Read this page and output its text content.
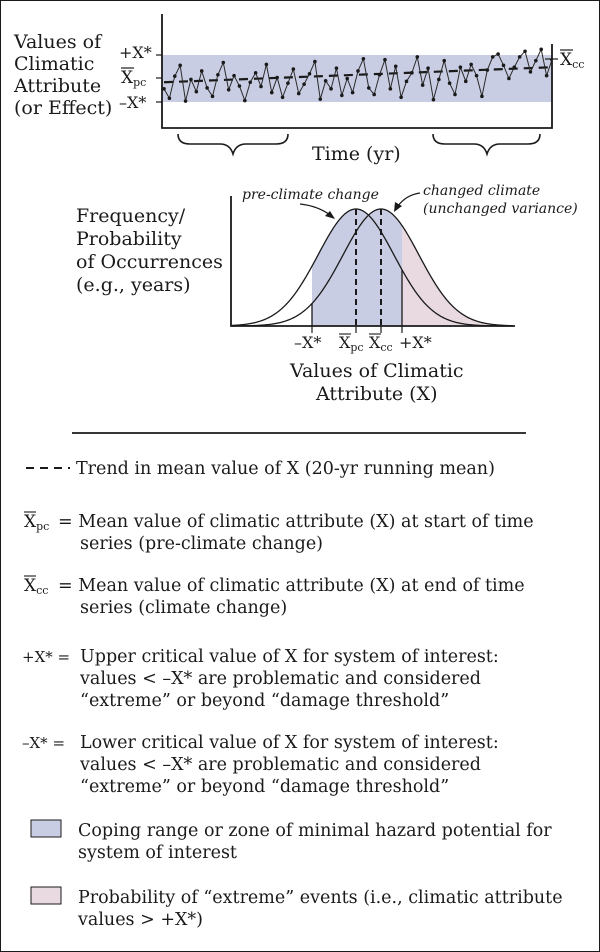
Values of Climatic Attribute (or Effect)
+X*
Xpc
–X*
Xcc
Time (yr)
Frequency/ Probability of Occurrences (e.g., years)
pre-climate change	changed climate (unchanged variance)
–X* Xpc Xcc +X*
Values of Climatic Attribute (X)
Trend in mean value of X (20-yr running mean)
Xpc = Mean value of climatic attribute (X) at start of time series (pre-climate change)
Xcc = Mean value of climatic attribute (X) at end of time series (climate change)
+X* = Upper critical value of X for system of interest: values < –X* are problematic and considered “extreme” or beyond “damage threshold”
–X* = Lower critical value of X for system of interest: values < –X* are problematic and considered “extreme” or beyond “damage threshold”
Coping range or zone of minimal hazard potential for system of interest
Probability of “extreme” events (i.e., climatic attribute values > +X*)
